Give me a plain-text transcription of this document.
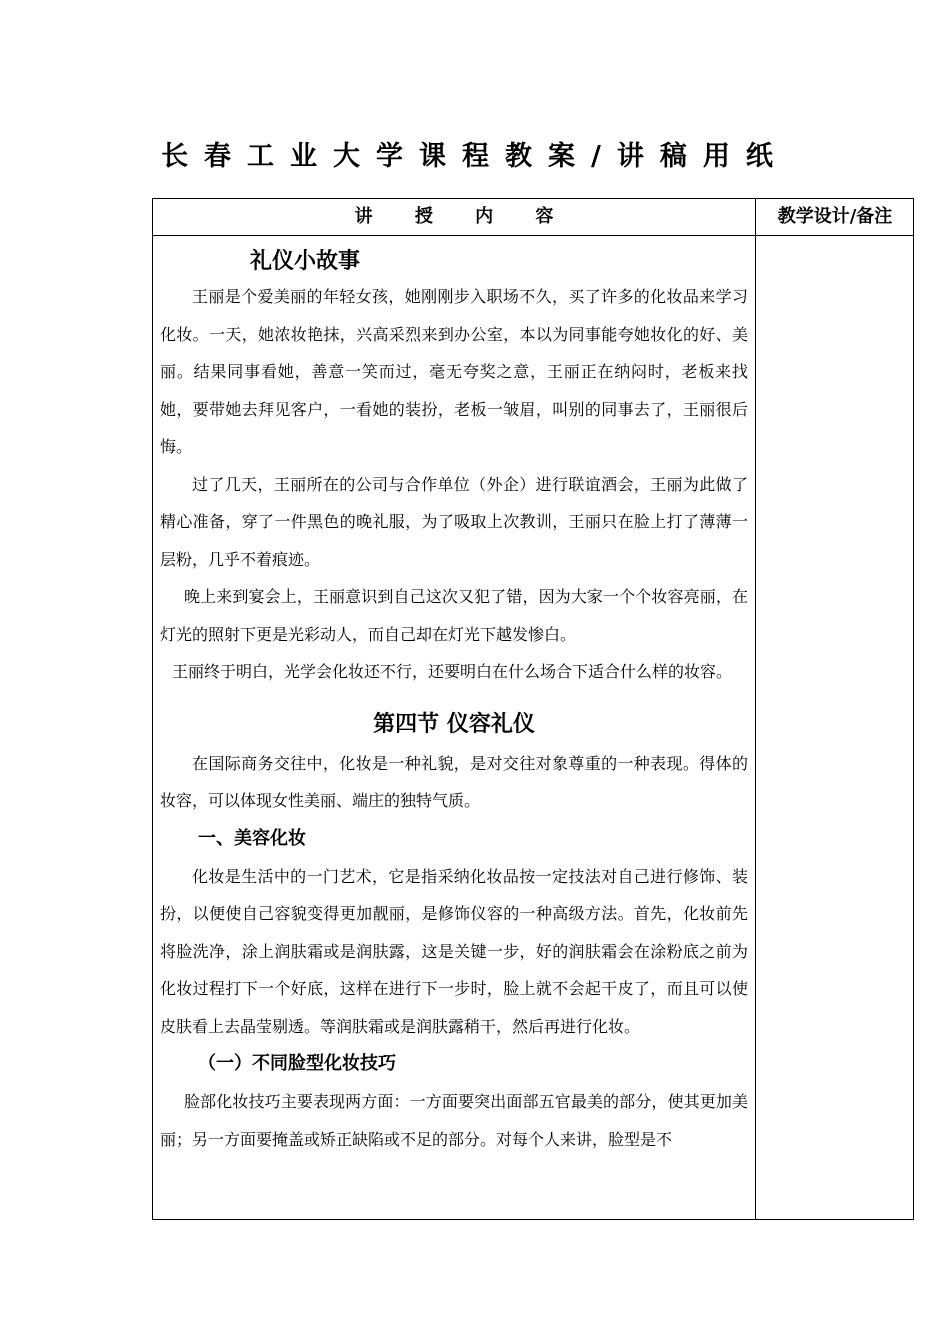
长春工业大学课程教案/讲稿用纸
讲 授 内 容	教学设计/备注
礼仪小故事

王丽是个爱美丽的年轻女孩，她刚刚步入职场不久，买了许多的化妆品来学习化妆。一天，她浓妆艳抹，兴高采烈来到办公室，本以为同事能夸她妆化的好、美丽。结果同事看她，善意一笑而过，毫无夸奖之意，王丽正在纳闷时，老板来找她，要带她去拜见客户，一看她的装扮，老板一皱眉，叫别的同事去了，王丽很后悔。

过了几天，王丽所在的公司与合作单位（外企）进行联谊酒会，王丽为此做了精心准备，穿了一件黑色的晚礼服，为了吸取上次教训，王丽只在脸上打了薄薄一层粉，几乎不着痕迹。

晚上来到宴会上，王丽意识到自己这次又犯了错，因为大家一个个妆容亮丽，在灯光的照射下更是光彩动人，而自己却在灯光下越发惨白。

王丽终于明白，光学会化妆还不行，还要明白在什么场合下适合什么样的妆容。

第四节 仪容礼仪

在国际商务交往中，化妆是一种礼貌，是对交往对象尊重的一种表现。得体的妆容，可以体现女性美丽、端庄的独特气质。

一、美容化妆

化妆是生活中的一门艺术，它是指采纳化妆品按一定技法对自己进行修饰、装扮，以便使自己容貌变得更加靓丽，是修饰仪容的一种高级方法。首先，化妆前先将脸洗净，涂上润肤霜或是润肤露，这是关键一步，好的润肤霜会在涂粉底之前为化妆过程打下一个好底，这样在进行下一步时，脸上就不会起干皮了，而且可以使皮肤看上去晶莹剔透。等润肤霜或是润肤露稍干，然后再进行化妆。

（一）不同脸型化妆技巧

脸部化妆技巧主要表现两方面：一方面要突出面部五官最美的部分，使其更加美丽；另一方面要掩盖或矫正缺陷或不足的部分。对每个人来讲，脸型是不
